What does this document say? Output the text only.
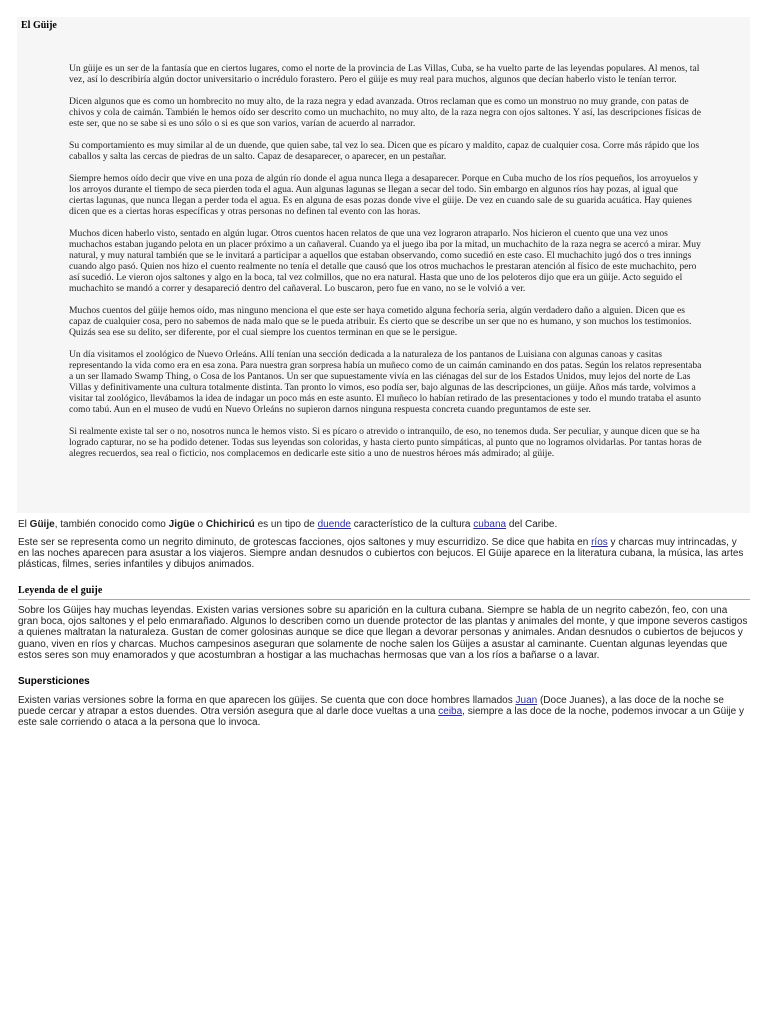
El Güije

Un güije es un ser de la fantasía que en ciertos lugares, como el norte de la provincia de Las Villas, Cuba, se ha vuelto parte de las leyendas populares. Al menos, tal vez, así lo describiría algún doctor universitario o incrédulo forastero. Pero el güije es muy real para muchos, algunos que decían haberlo visto le tenían terror.

Dicen algunos que es como un hombrecito no muy alto, de la raza negra y edad avanzada. Otros reclaman que es como un monstruo no muy grande, con patas de chivos y cola de caimán. También le hemos oído ser descrito como un muchachito, no muy alto, de la raza negra con ojos saltones. Y así, las descripciones físicas de este ser, que no se sabe si es uno sólo o si es que son varios, varían de acuerdo al narrador.

Su comportamiento es muy similar al de un duende, que quien sabe, tal vez lo sea. Dicen que es pícaro y maldito, capaz de cualquier cosa. Corre más rápido que los caballos y salta las cercas de piedras de un salto. Capaz de desaparecer, o aparecer, en un pestañar.

Siempre hemos oído decir que vive en una poza de algún río donde el agua nunca llega a desaparecer. Porque en Cuba mucho de los ríos pequeños, los arroyuelos y los arroyos durante el tiempo de seca pierden toda el agua. Aun algunas lagunas se llegan a secar del todo. Sin embargo en algunos ríos hay pozas, al igual que ciertas lagunas, que nunca llegan a perder toda el agua. Es en alguna de esas pozas donde vive el güije. De vez en cuando sale de su guarida acuática. Hay quienes dicen que es a ciertas horas específicas y otras personas no definen tal evento con las horas.

Muchos dicen haberlo visto, sentado en algún lugar. Otros cuentos hacen relatos de que una vez lograron atraparlo. Nos hicieron el cuento que una vez unos muchachos estaban jugando pelota en un placer próximo a un cañaveral. Cuando ya el juego iba por la mitad, un muchachito de la raza negra se acercó a mirar. Muy natural, y muy natural también que se le invitará a participar a aquellos que estaban observando, como sucedió en este caso. El muchachito jugó dos o tres innings cuando algo pasó. Quien nos hizo el cuento realmente no tenía el detalle que causó que los otros muchachos le prestaran atención al físico de este muchachito, pero así sucedió. Le vieron ojos saltones y algo en la boca, tal vez colmillos, que no era natural. Hasta que uno de los peloteros dijo que era un güije. Acto seguido el muchachito se mandó a correr y desapareció dentro del cañaveral. Lo buscaron, pero fue en vano, no se le volvió a ver.

Muchos cuentos del güije hemos oído, mas ninguno menciona el que este ser haya cometido alguna fechoría seria, algún verdadero daño a alguien. Dicen que es capaz de cualquier cosa, pero no sabemos de nada malo que se le pueda atribuir. Es cierto que se describe un ser que no es humano, y son muchos los testimonios. Quizás sea ese su delito, ser diferente, por el cual siempre los cuentos terminan en que se le persigue.

Un día visitamos el zoológico de Nuevo Orleáns. Allí tenían una sección dedicada a la naturaleza de los pantanos de Luisiana con algunas canoas y casitas representando la vida como era en esa zona. Para nuestra gran sorpresa había un muñeco como de un caimán caminando en dos patas. Según los relatos representaba a un ser llamado Swamp Thing, o Cosa de los Pantanos. Un ser que supuestamente vivía en las ciénagas del sur de los Estados Unidos, muy lejos del norte de Las Villas y definitivamente una cultura totalmente distinta. Tan pronto lo vimos, eso podía ser, bajo algunas de las descripciones, un güije. Años más tarde, volvimos a visitar tal zoológico, llevábamos la idea de indagar un poco más en este asunto. El muñeco lo habían retirado de las presentaciones y todo el mundo trataba el asunto como tabú. Aun en el museo de vudú en Nuevo Orleáns no supieron darnos ninguna respuesta concreta cuando preguntamos de este ser.

Si realmente existe tal ser o no, nosotros nunca le hemos visto. Si es pícaro o atrevido o intranquilo, de eso, no tenemos duda. Ser peculiar, y aunque dicen que se ha logrado capturar, no se ha podido detener. Todas sus leyendas son coloridas, y hasta cierto punto simpáticas, al punto que no logramos olvidarlas. Por tantas horas de alegres recuerdos, sea real o ficticio, nos complacemos en dedicarle este sitio a uno de nuestros héroes más admirado; al güije.

El Güije, también conocido como Jigüe o Chichiricú es un tipo de duende característico de la cultura cubana del Caribe.

Este ser se representa como un negrito diminuto, de grotescas facciones, ojos saltones y muy escurridizo. Se dice que habita en ríos y charcas muy intrincadas, y en las noches aparecen para asustar a los viajeros. Siempre andan desnudos o cubiertos con bejucos. El Güije aparece en la literatura cubana, la música, las artes plásticas, filmes, series infantiles y dibujos animados.

Leyenda de el guije

Sobre los Güijes hay muchas leyendas. Existen varias versiones sobre su aparición en la cultura cubana. Siempre se habla de un negrito cabezón, feo, con una gran boca, ojos saltones y el pelo enmarañado. Algunos lo describen como un duende protector de las plantas y animales del monte, y que impone severos castigos a quienes maltratan la naturaleza. Gustan de comer golosinas aunque se dice que llegan a devorar personas y animales. Andan desnudos o cubiertos de bejucos y guano, viven en ríos y charcas. Muchos campesinos aseguran que solamente de noche salen los Güijes a asustar al caminante. Cuentan algunas leyendas que estos seres son muy enamorados y que acostumbran a hostigar a las muchachas hermosas que van a los ríos a bañarse o a lavar.

Supersticiones

Existen varias versiones sobre la forma en que aparecen los güijes. Se cuenta que con doce hombres llamados Juan (Doce Juanes), a las doce de la noche se puede cercar y atrapar a estos duendes. Otra versión asegura que al darle doce vueltas a una ceiba, siempre a las doce de la noche, podemos invocar a un Güije y este sale corriendo o ataca a la persona que lo invoca.
